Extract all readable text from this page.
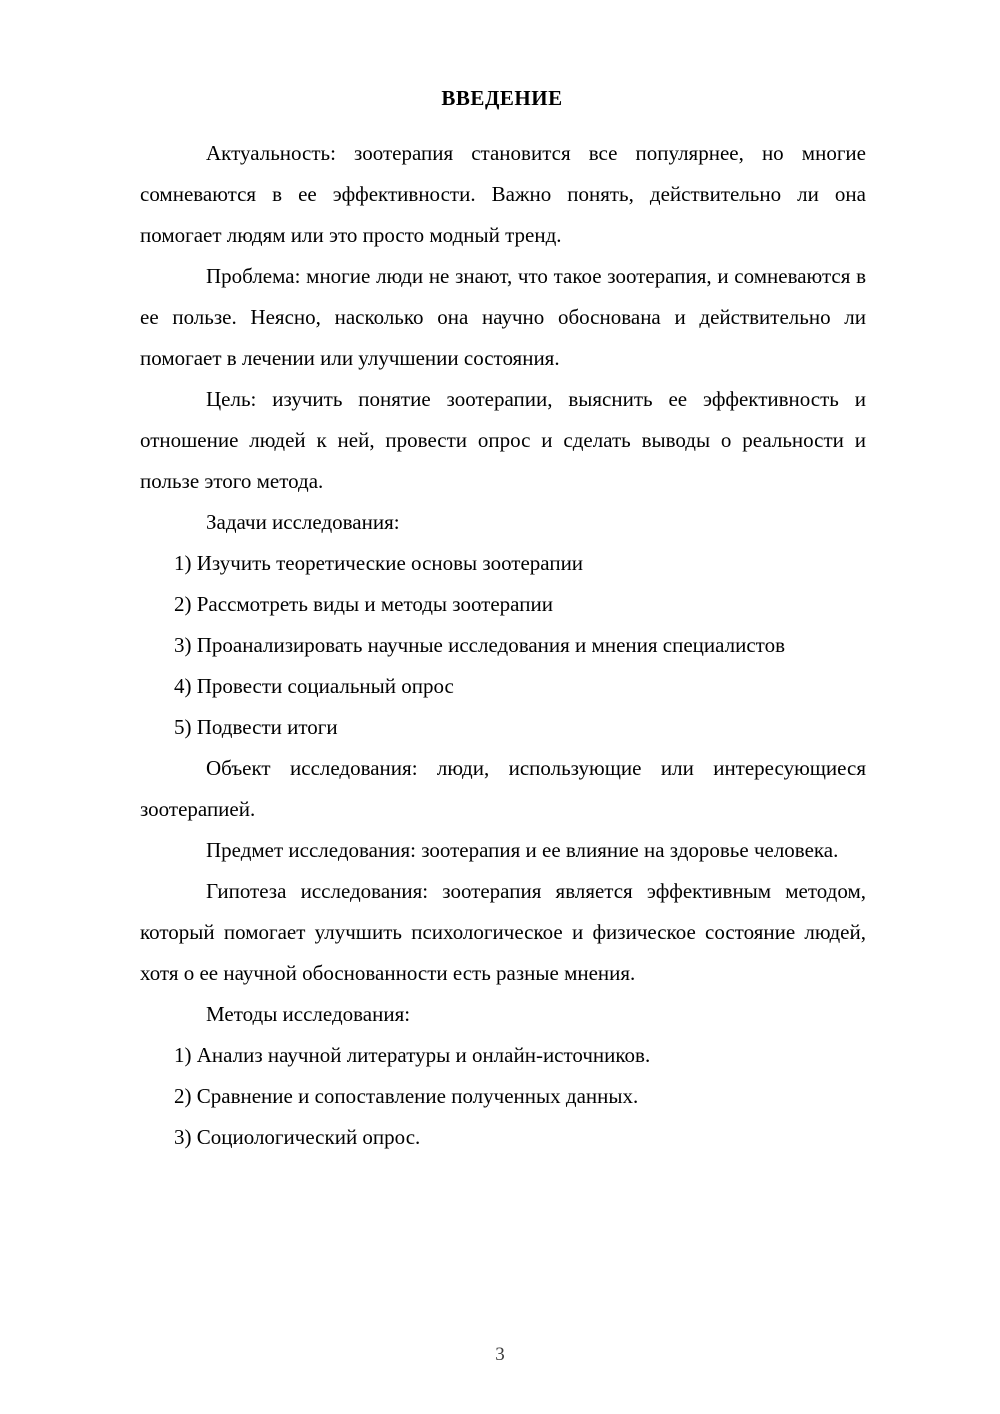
ВВЕДЕНИЕ

Актуальность: зоотерапия становится все популярнее, но многие сомневаются в ее эффективности. Важно понять, действительно ли она помогает людям или это просто модный тренд.

Проблема: многие люди не знают, что такое зоотерапия, и сомневаются в ее пользе. Неясно, насколько она научно обоснована и действительно ли помогает в лечении или улучшении состояния.

Цель: изучить понятие зоотерапии, выяснить ее эффективность и отношение людей к ней, провести опрос и сделать выводы о реальности и пользе этого метода.

Задачи исследования:

1) Изучить теоретические основы зоотерапии

2) Рассмотреть виды и методы зоотерапии

3) Проанализировать научные исследования и мнения специалистов

4) Провести социальный опрос

5) Подвести итоги

Объект исследования: люди, использующие или интересующиеся зоотерапией.

Предмет исследования: зоотерапия и ее влияние на здоровье человека.

Гипотеза исследования: зоотерапия является эффективным методом, который помогает улучшить психологическое и физическое состояние людей, хотя о ее научной обоснованности есть разные мнения.

Методы исследования:

1) Анализ научной литературы и онлайн-источников.

2) Сравнение и сопоставление полученных данных.

3) Социологический опрос.

3
